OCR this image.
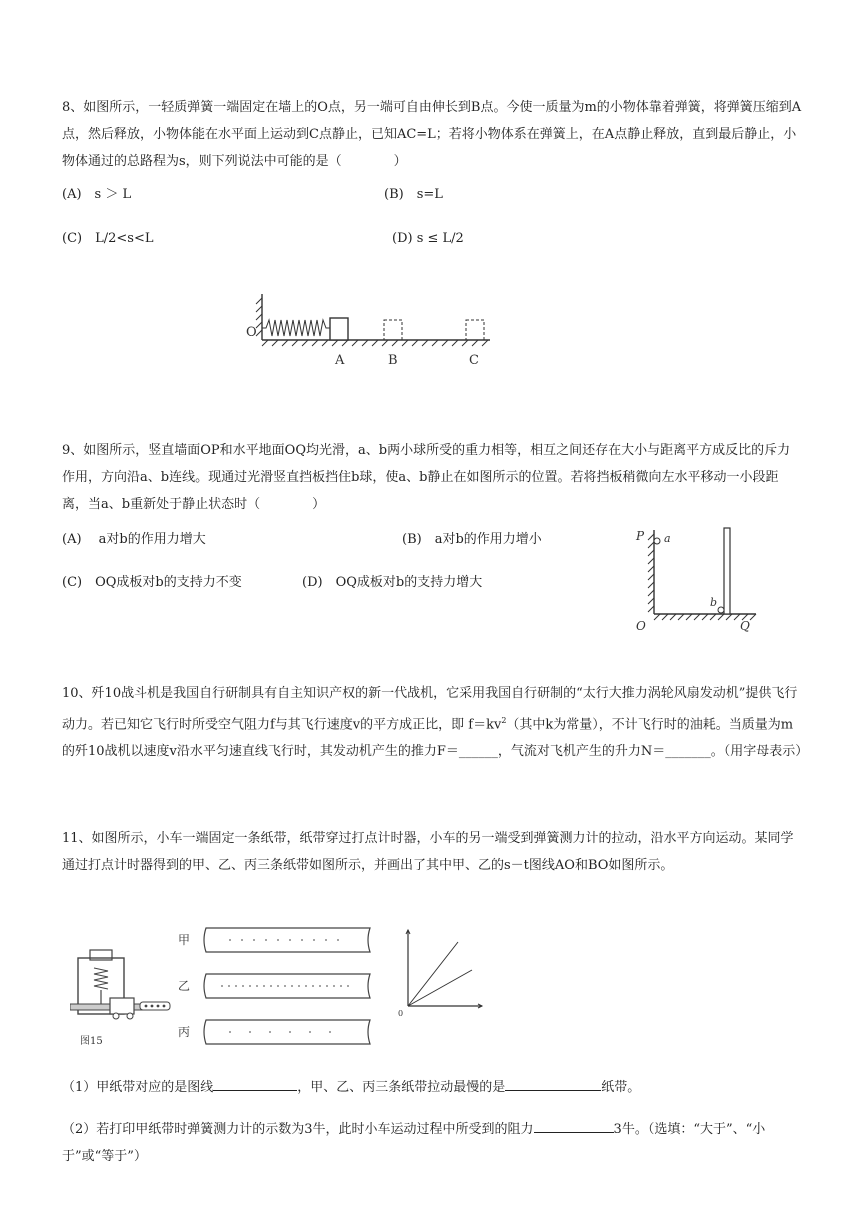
8、如图所示，一轻质弹簧一端固定在墙上的O点，另一端可自由伸长到B点。今使一质量为m的小物体靠着弹簧，将弹簧压缩到A点，然后释放，小物体能在水平面上运动到C点静止，已知AC=L；若将小物体系在弹簧上，在A点静止释放，直到最后静止，小物体通过的总路程为s，则下列说法中可能的是（　　　　）

(A)　s ＞ L	(B)　s=L
(C)　L/2<s<L	(D) s ≤ L/2
O
A	B	C

9、如图所示，竖直墙面OP和水平地面OQ均光滑，a、b两小球所受的重力相等，相互之间还存在大小与距离平方成反比的斥力作用，方向沿a、b连线。现通过光滑竖直挡板挡住b球，使a、b静止在如图所示的位置。若将挡板稍微向左水平移动一小段距离，当a、b重新处于静止状态时（　　　　）

(A)　 a对b的作用力增大	(B)　a对b的作用力增小
(C)　OQ成板对b的支持力不变	(D)　OQ成板对b的支持力增大
P a
b
O	Q

10、歼10战斗机是我国自行研制具有自主知识产权的新一代战机，它采用我国自行研制的“太行大推力涡轮风扇发动机”提供飞行动力。若已知它飞行时所受空气阻力f与其飞行速度v的平方成正比，即 $f=kv^2$（其中k为常量），不计飞行时的油耗。当质量为m 的歼10战机以速度v沿水平匀速直线飞行时，其发动机产生的推力F＝______，气流对飞机产生的升力N＝_______。（用字母表示）

11、如图所示，小车一端固定一条纸带，纸带穿过打点计时器，小车的另一端受到弹簧测力计的拉动，沿水平方向运动。某同学通过打点计时器得到的甲、乙、丙三条纸带如图所示，并画出了其中甲、乙的s－t图线AO和BO如图所示。

图15
甲
乙
丙
0

（1）甲纸带对应的是图线	，甲、乙、丙三条纸带拉动最慢的是	纸带。

（2）若打印甲纸带时弹簧测力计的示数为3牛，此时小车运动过程中所受到的阻力	3牛。（选填：“大于”、“小于”或“等于”）
